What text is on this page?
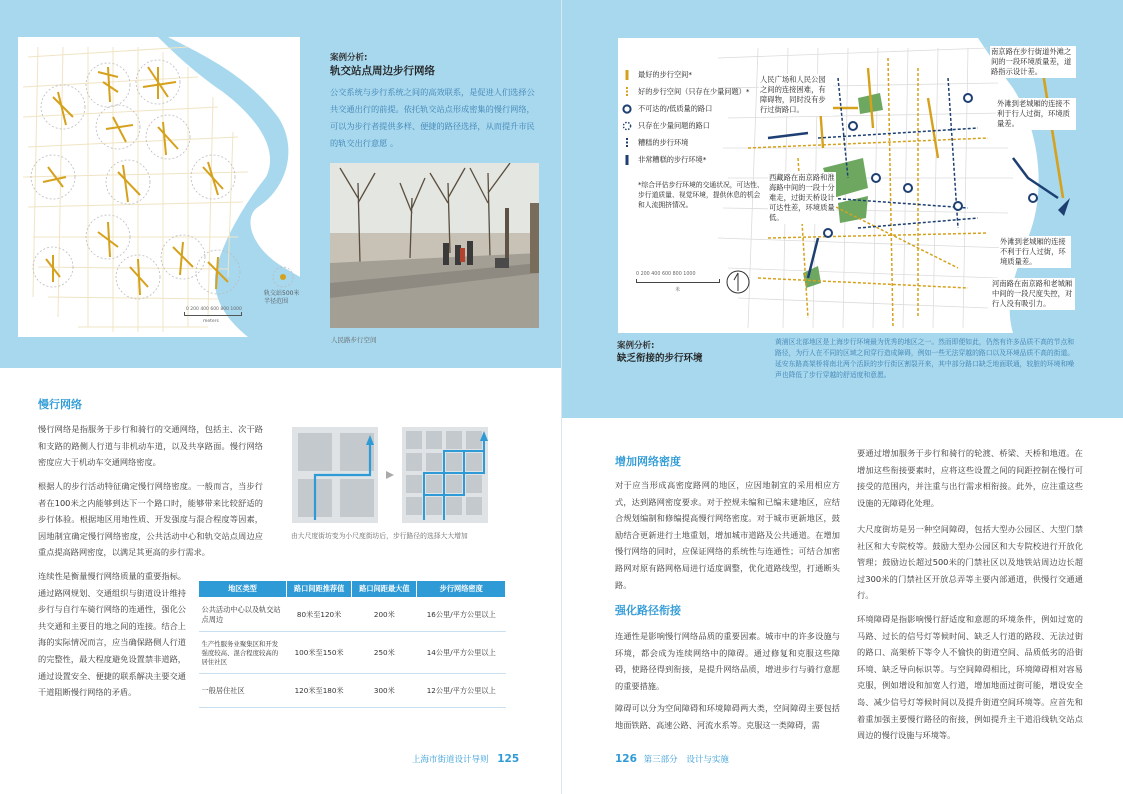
轨交站500米半径范围
0 200 400 600 800 1000
meters
案例分析:
轨交站点周边步行网络
公交系统与步行系统之间的高效联系，是促进人们选择公共交通出行的前提。依托轨交站点形成密集的慢行网络，可以为步行者提供多样、便捷的路径选择，从而提升市民的轨交出行意愿 。
人民路步行空间
人民广场和人民公园之间的连接困难，有障碍物，同时没有步行过街路口。
西藏路在南京路和淮海路中间的一段十分难走，过街天桥设计可达性差，环境质量低。
南京路在步行街道外滩之间的一段环境质量差，道路指示设计差。
外滩到老城厢的连接不利于行人过街，环境质量差。
外滩到老城厢的连接不利于行人过街，环境质量差。
河南路在南京路和老城厢中间的一段尺度失控，对行人没有吸引力。
最好的步行空间*
好的步行空间（只存在少量问题）*
不可达的/低质量的路口
只存在少量问题的路口
糟糕的步行环境
非常糟糕的步行环境*
*综合评估步行环境的交通状况，可达性、步行道质量、视觉环境，提供休息的机会和人流拥挤情况。
0 200 400 600 800 1000
米
案例分析:
缺乏衔接的步行环境
黄浦区北部地区是上海步行环境最为优秀的地区之一。然而即便如此，仍然有许多品质不高的节点和路径，为行人在不同的区域之间穿行造成障碍，例如一些无法穿越的路口以及环境品质不高的街道。延安东路高架桥将南北两个活跃的步行街区割裂开来，其中部分路口缺乏地面联通，较脏的环境和噪声也降低了步行穿越的舒适度和意愿。
慢行网络
慢行网络是指服务于步行和骑行的交通网络，包括主、次干路和支路的路侧人行道与非机动车道，以及共享路面。慢行网络密度应大于机动车交通网络密度。
根据人的步行活动特征确定慢行网络密度。一般而言，当步行者在100米之内能够到达下一个路口时，能够带来比较舒适的步行体验。根据地区用地性质、开发强度与混合程度等因素，因地制宜确定慢行网络密度，公共活动中心和轨交站点周边应重点提高路网密度，以满足其更高的步行需求。
连续性是衡量慢行网络质量的重要指标。通过路网规划、交通组织与街道设计维持步行与自行车骑行网络的连通性，强化公共交通和主要目的地之间的连接。结合上海的实际情况而言，应当确保路侧人行道的完整性，最大程度避免设置禁非道路，通过设置安全、便捷的联系解决主要交通干道阻断慢行网络的矛盾。
由大尺度街坊变为小尺度街坊后，步行路径的选择大大增加
地区类型	路口间距推荐值	路口间距最大值	步行网络密度
公共活动中心以及轨交站点周边	80米至120米	200米	16公里/平方公里以上
生产性服务业聚集区和开发强度较高、混合程度较高的居住社区	100米至150米	250米	14公里/平方公里以上
一般居住社区	120米至180米	300米	12公里/平方公里以上
上海市街道设计导则 125
增加网络密度
对于应当形成高密度路网的地区，应因地制宜的采用相应方式，达到路网密度要求。对于控规未编和已编未建地区，应结合规划编制和修编提高慢行网络密度。对于城市更新地区，鼓励结合更新进行土地重划，增加城市道路及公共通道。在增加慢行网络的同时，应保证网络的系统性与连通性；可结合加密路网对原有路网格局进行适度调整，优化道路线型，打通断头路。
强化路径衔接
连通性是影响慢行网络品质的重要因素。城市中的许多设施与环境，都会成为连续网络中的障碍。通过修复和克服这些障碍，使路径得到衔接，是提升网络品质，增进步行与骑行意愿的重要措施。
障碍可以分为空间障碍和环境障碍两大类，空间障碍主要包括地面铁路、高速公路、河流水系等。克服这一类障碍，需
要通过增加服务于步行和骑行的轮渡、桥梁、天桥和地道。在增加这些衔接要素时，应将这些设置之间的间距控制在慢行可接受的范围内，并注重与出行需求相衔接。此外，应注重这些设施的无障碍化处理。
大尺度街坊是另一种空间障碍，包括大型办公园区、大型门禁社区和大专院校等。鼓励大型办公园区和大专院校进行开放化管理；鼓励边长超过500米的门禁社区以及地铁站周边边长超过300米的门禁社区开放总弄等主要内部通道，供慢行交通通行。
环境障碍是指影响慢行舒适度和意愿的环境条件，例如过宽的马路、过长的信号灯等候时间、缺乏人行道的路段、无法过街的路口、高架桥下等令人不愉快的街道空间、品质低劣的沿街环境、缺乏导向标识等。与空间障碍相比，环境障碍相对容易克服，例如增设和加宽人行道，增加地面过街可能，增设安全岛、减少信号灯等候时间以及提升街道空间环境等。应首先和着重加强主要慢行路径的衔接，例如提升主干道沿线轨交站点周边的慢行设施与环境等。
126 第三部分 设计与实施
